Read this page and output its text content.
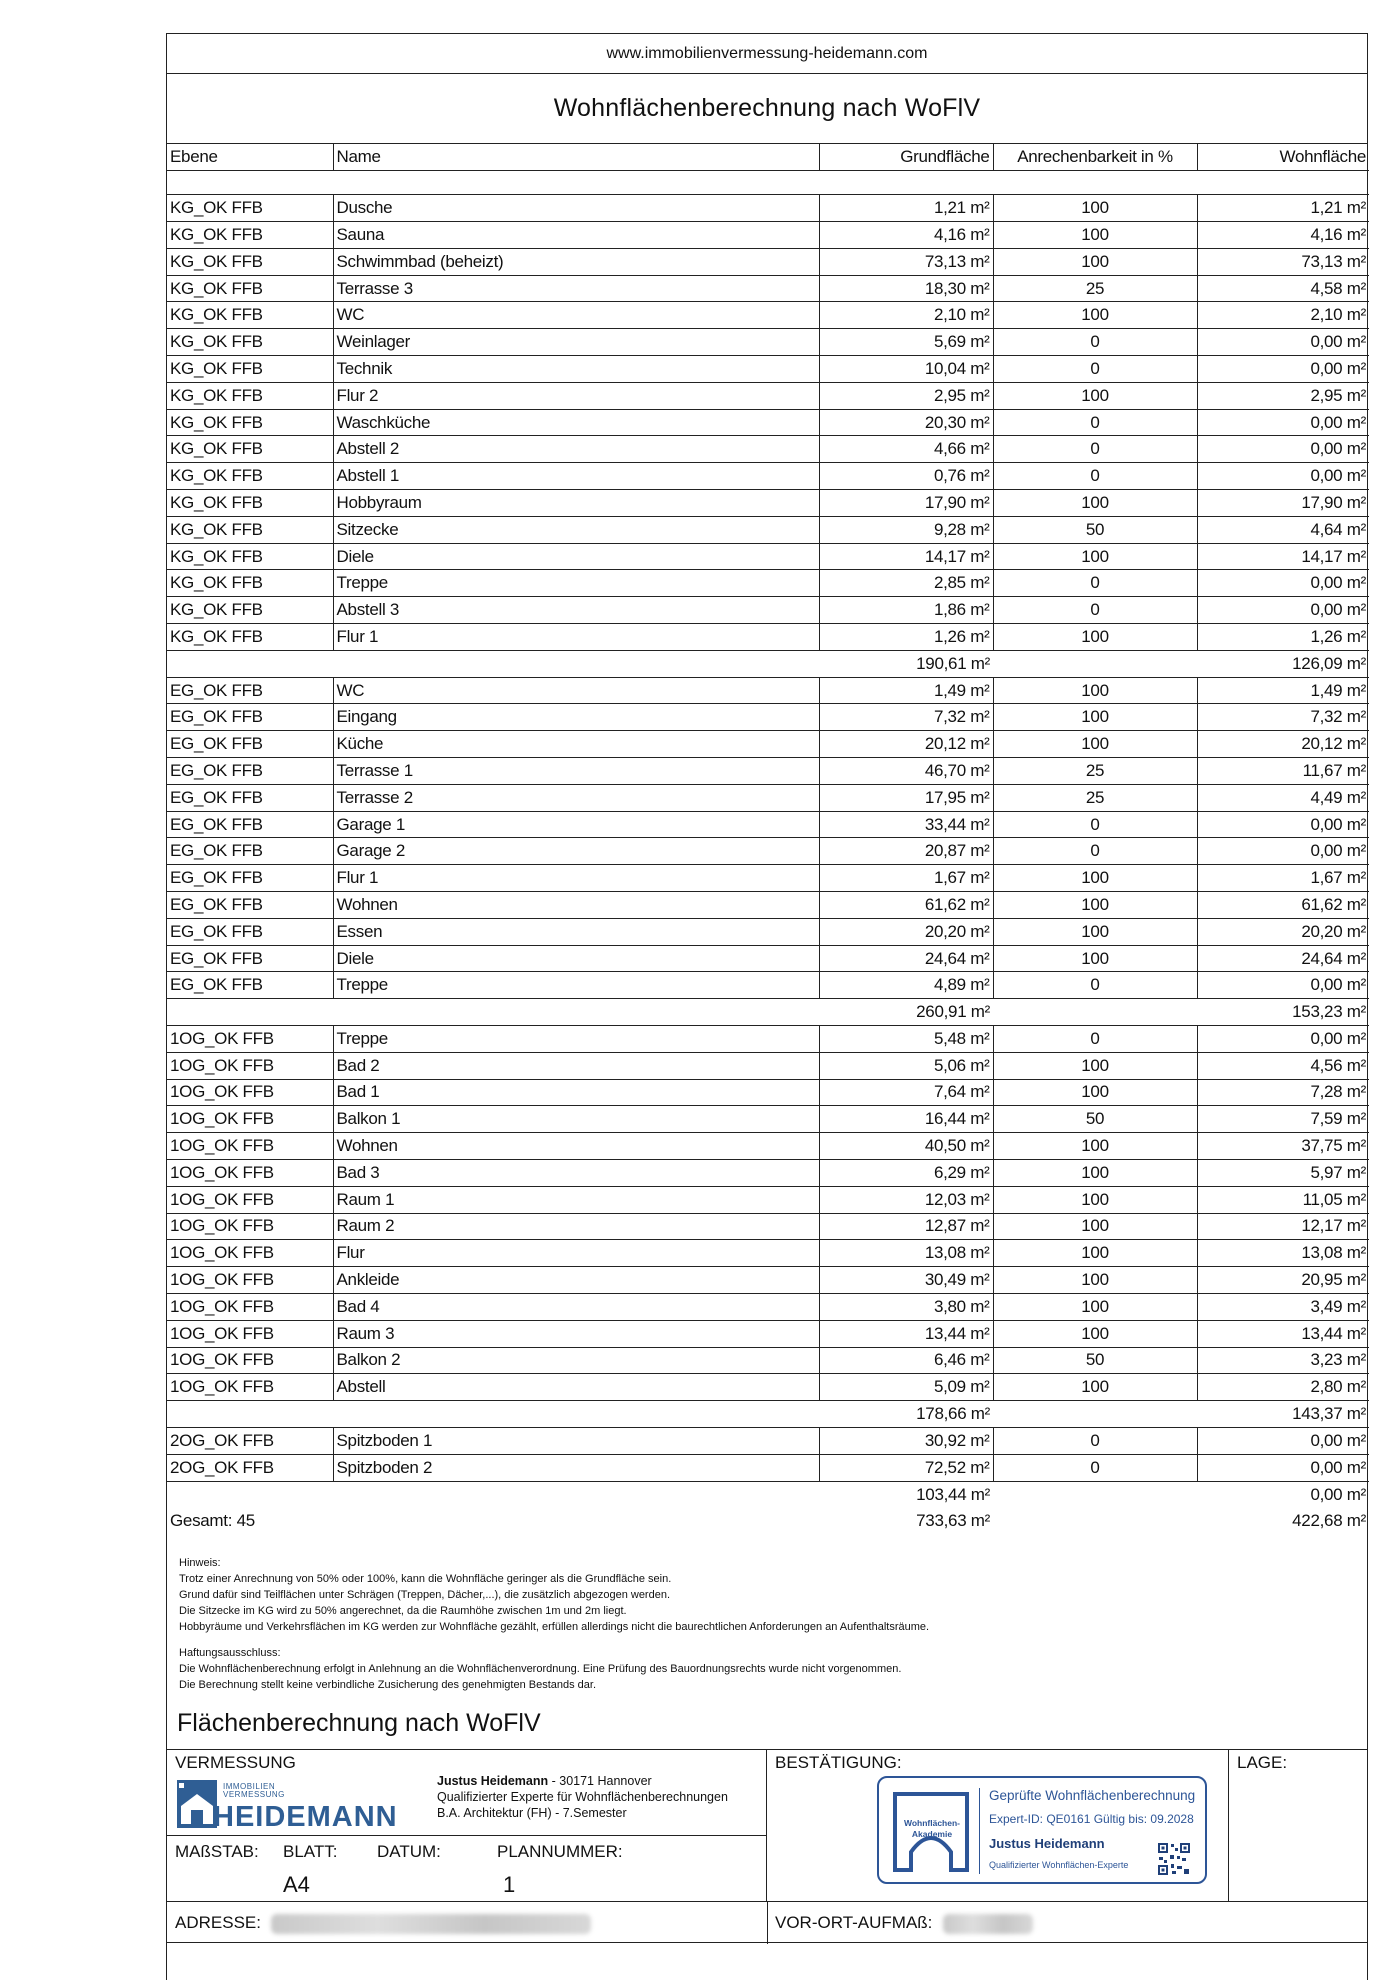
www.immobilienvermessung-heidemann.com
Wohnflächenberechnung nach WoFlV
Ebene	Name	Grundfläche	Anrechenbarkeit in %	Wohnfläche

KG_OK FFB	Dusche	1,21 m²	100	1,21 m²
KG_OK FFB	Sauna	4,16 m²	100	4,16 m²
KG_OK FFB	Schwimmbad (beheizt)	73,13 m²	100	73,13 m²
KG_OK FFB	Terrasse 3	18,30 m²	25	4,58 m²
KG_OK FFB	WC	2,10 m²	100	2,10 m²
KG_OK FFB	Weinlager	5,69 m²	0	0,00 m²
KG_OK FFB	Technik	10,04 m²	0	0,00 m²
KG_OK FFB	Flur 2	2,95 m²	100	2,95 m²
KG_OK FFB	Waschküche	20,30 m²	0	0,00 m²
KG_OK FFB	Abstell 2	4,66 m²	0	0,00 m²
KG_OK FFB	Abstell 1	0,76 m²	0	0,00 m²
KG_OK FFB	Hobbyraum	17,90 m²	100	17,90 m²
KG_OK FFB	Sitzecke	9,28 m²	50	4,64 m²
KG_OK FFB	Diele	14,17 m²	100	14,17 m²
KG_OK FFB	Treppe	2,85 m²	0	0,00 m²
KG_OK FFB	Abstell 3	1,86 m²	0	0,00 m²
KG_OK FFB	Flur 1	1,26 m²	100	1,26 m²
		190,61 m²		126,09 m²
EG_OK FFB	WC	1,49 m²	100	1,49 m²
EG_OK FFB	Eingang	7,32 m²	100	7,32 m²
EG_OK FFB	Küche	20,12 m²	100	20,12 m²
EG_OK FFB	Terrasse 1	46,70 m²	25	11,67 m²
EG_OK FFB	Terrasse 2	17,95 m²	25	4,49 m²
EG_OK FFB	Garage 1	33,44 m²	0	0,00 m²
EG_OK FFB	Garage 2	20,87 m²	0	0,00 m²
EG_OK FFB	Flur 1	1,67 m²	100	1,67 m²
EG_OK FFB	Wohnen	61,62 m²	100	61,62 m²
EG_OK FFB	Essen	20,20 m²	100	20,20 m²
EG_OK FFB	Diele	24,64 m²	100	24,64 m²
EG_OK FFB	Treppe	4,89 m²	0	0,00 m²
		260,91 m²		153,23 m²
1OG_OK FFB	Treppe	5,48 m²	0	0,00 m²
1OG_OK FFB	Bad 2	5,06 m²	100	4,56 m²
1OG_OK FFB	Bad 1	7,64 m²	100	7,28 m²
1OG_OK FFB	Balkon 1	16,44 m²	50	7,59 m²
1OG_OK FFB	Wohnen	40,50 m²	100	37,75 m²
1OG_OK FFB	Bad 3	6,29 m²	100	5,97 m²
1OG_OK FFB	Raum 1	12,03 m²	100	11,05 m²
1OG_OK FFB	Raum 2	12,87 m²	100	12,17 m²
1OG_OK FFB	Flur	13,08 m²	100	13,08 m²
1OG_OK FFB	Ankleide	30,49 m²	100	20,95 m²
1OG_OK FFB	Bad 4	3,80 m²	100	3,49 m²
1OG_OK FFB	Raum 3	13,44 m²	100	13,44 m²
1OG_OK FFB	Balkon 2	6,46 m²	50	3,23 m²
1OG_OK FFB	Abstell	5,09 m²	100	2,80 m²
		178,66 m²		143,37 m²
2OG_OK FFB	Spitzboden 1	30,92 m²	0	0,00 m²
2OG_OK FFB	Spitzboden 2	72,52 m²	0	0,00 m²
		103,44 m²		0,00 m²
Gesamt: 45		733,63 m²		422,68 m²

Hinweis:

Trotz einer Anrechnung von 50% oder 100%, kann die Wohnfläche geringer als die Grundfläche sein.

Grund dafür sind Teilflächen unter Schrägen (Treppen, Dächer,...), die zusätzlich abgezogen werden.

Die Sitzecke im KG wird zu 50% angerechnet, da die Raumhöhe zwischen 1m und 2m liegt.

Hobbyräume und Verkehrsflächen im KG werden zur Wohnfläche gezählt, erfüllen allerdings nicht die baurechtlichen Anforderungen an Aufenthaltsräume.

Haftungsausschluss:

Die Wohnflächenberechnung erfolgt in Anlehnung an die Wohnflächenverordnung. Eine Prüfung des Bauordnungsrechts wurde nicht vorgenommen.

Die Berechnung stellt keine verbindliche Zusicherung des genehmigten Bestands dar.

Flächenberechnung nach WoFlV
VERMESSUNG
IMMOBILIEN
VERMESSUNG
HEIDEMANN
Justus Heidemann - 30171 Hannover
Qualifizierter Experte für Wohnflächenberechnungen
B.A. Architektur (FH) - 7.Semester
MAßSTAB: BLATT: DATUM:	PLANNUMMER:
A4	1
BESTÄTIGUNG:
Wohnflächen-
Akademie
Geprüfte Wohnflächenberechnung
Expert-ID: QE0161 Gültig bis: 09.2028
Justus Heidemann
Qualifizierter Wohnflächen-Experte
LAGE:
ADRESSE:	VOR-ORT-AUFMAß:
